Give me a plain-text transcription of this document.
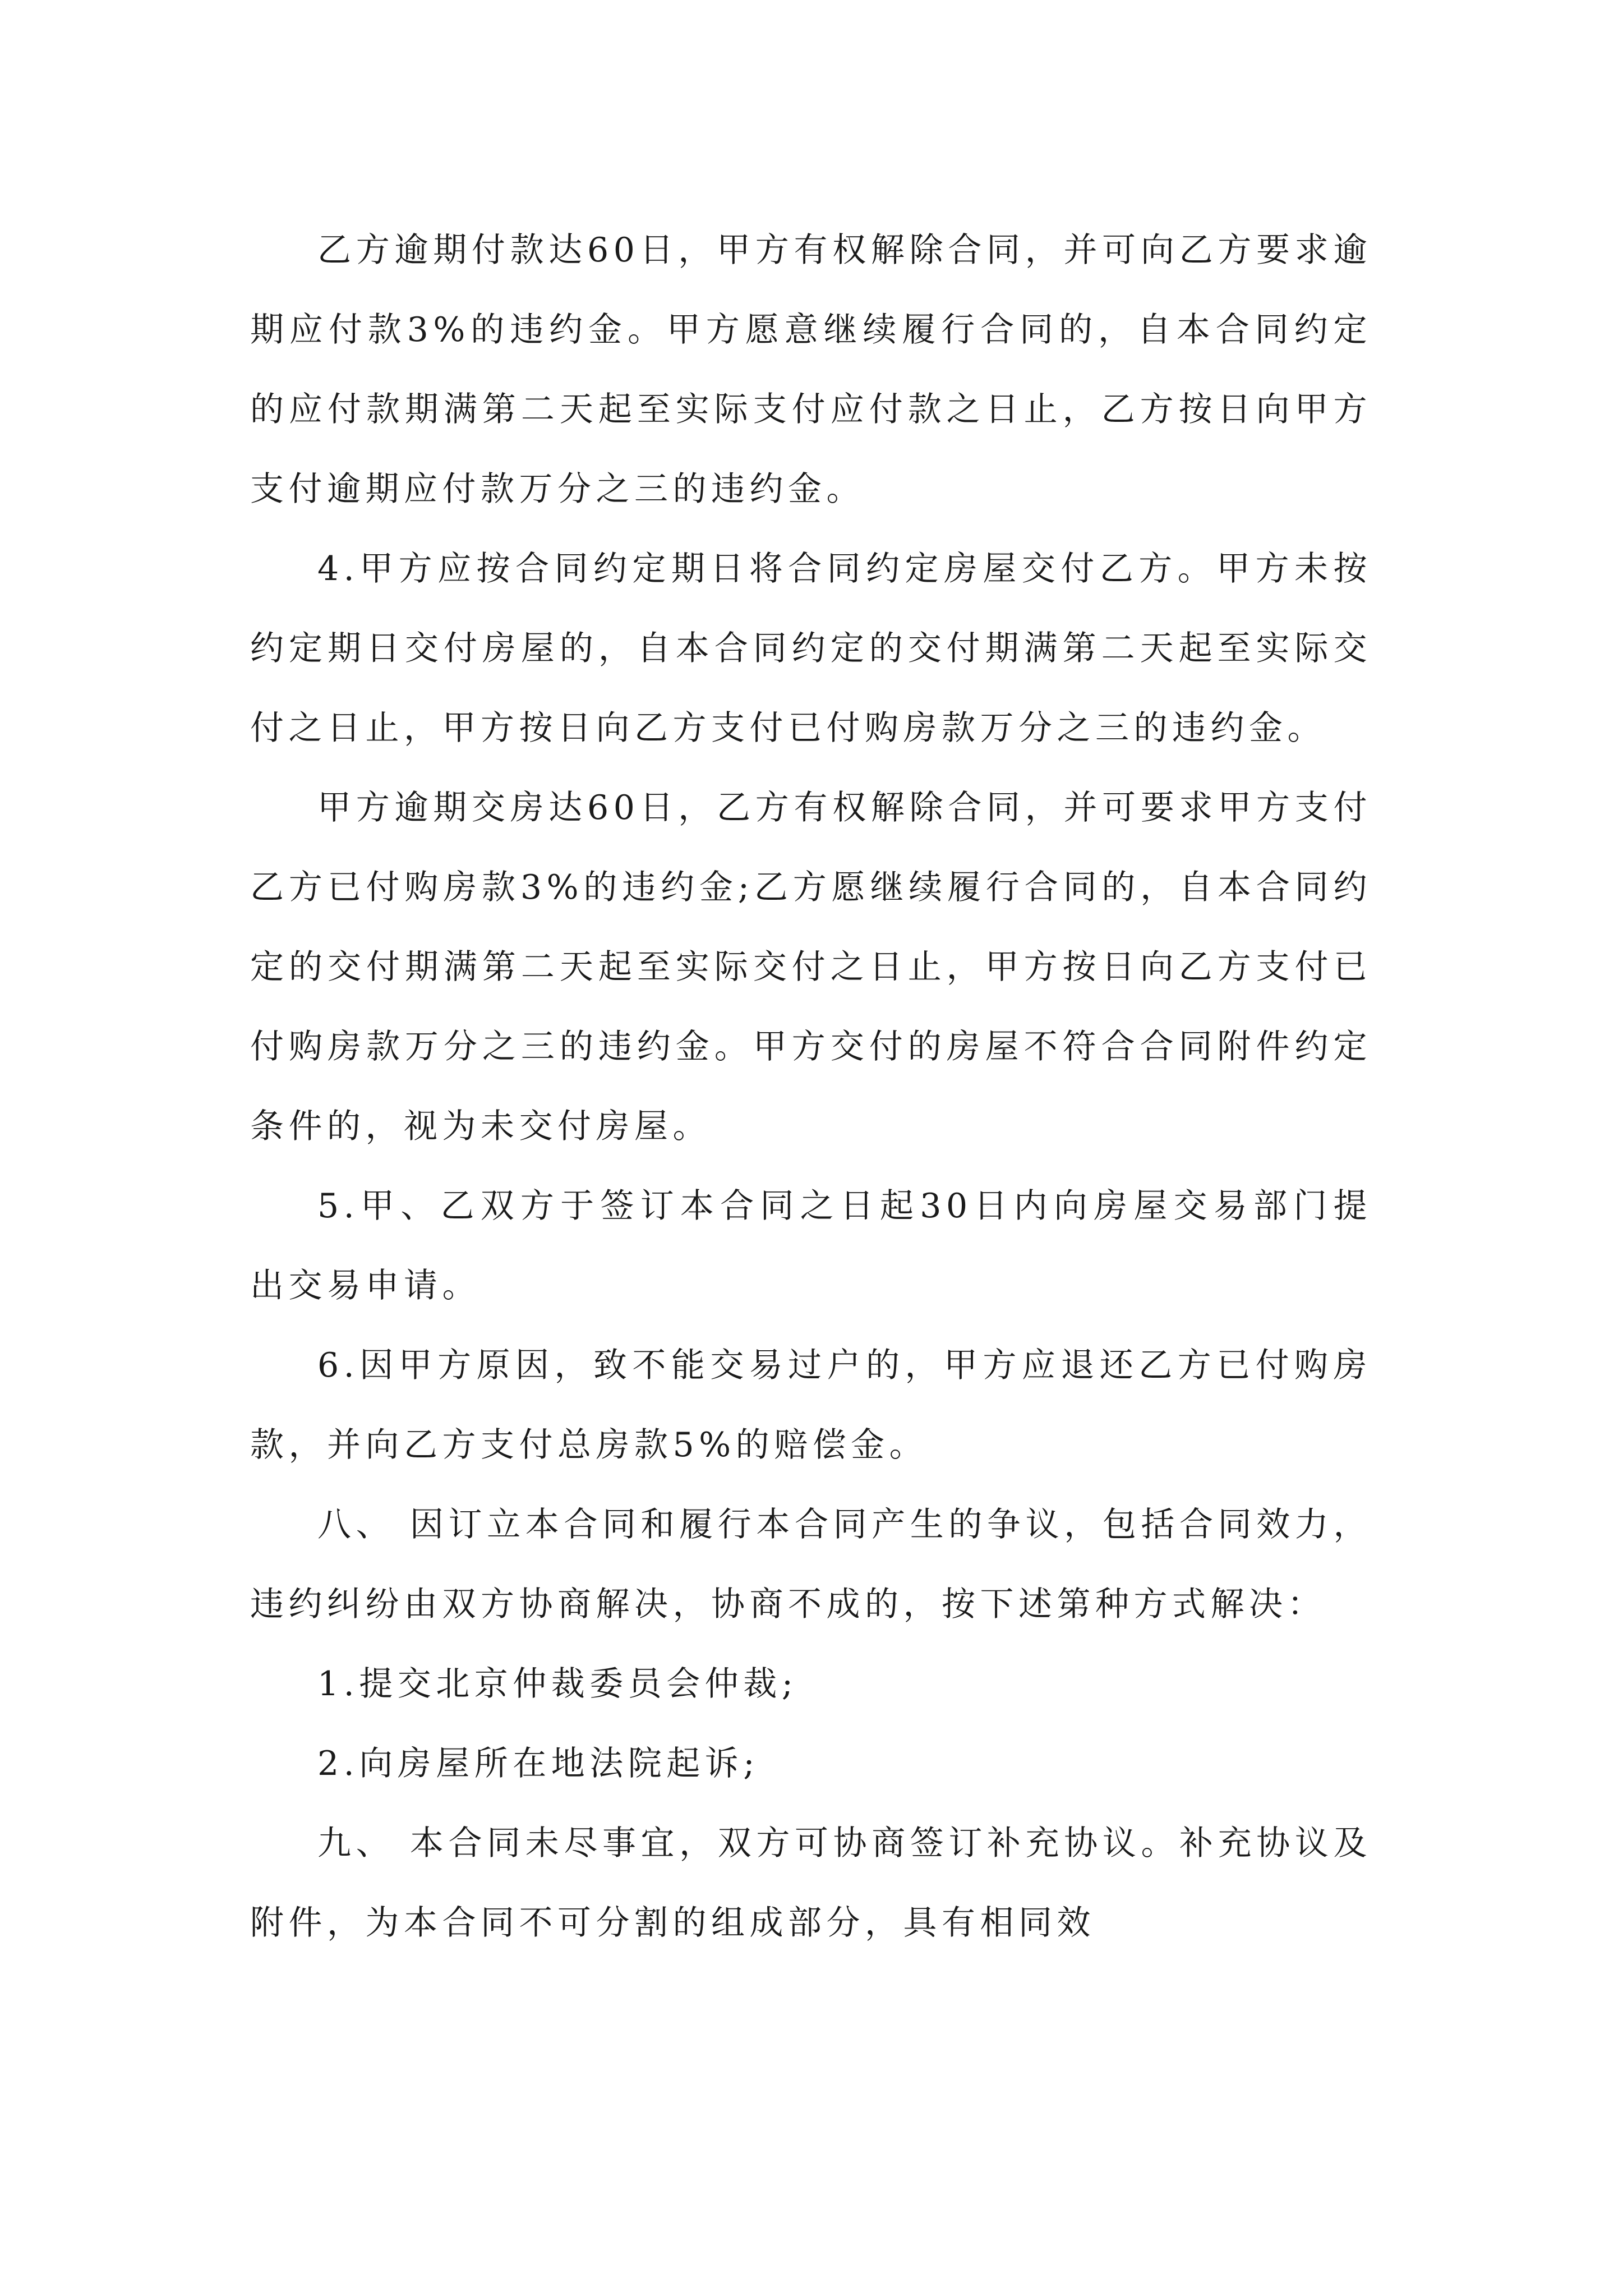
乙方逾期付款达60日，甲方有权解除合同，并可向乙方要求逾期应付款3%的违约金。甲方愿意继续履行合同的，自本合同约定的应付款期满第二天起至实际支付应付款之日止，乙方按日向甲方支付逾期应付款万分之三的违约金。

4.甲方应按合同约定期日将合同约定房屋交付乙方。甲方未按约定期日交付房屋的，自本合同约定的交付期满第二天起至实际交付之日止，甲方按日向乙方支付已付购房款万分之三的违约金。

甲方逾期交房达60日，乙方有权解除合同，并可要求甲方支付乙方已付购房款3%的违约金;乙方愿继续履行合同的，自本合同约定的交付期满第二天起至实际交付之日止，甲方按日向乙方支付已付购房款万分之三的违约金。甲方交付的房屋不符合合同附件约定条件的，视为未交付房屋。

5.甲、乙双方于签订本合同之日起30日内向房屋交易部门提出交易申请。

6.因甲方原因，致不能交易过户的，甲方应退还乙方已付购房款，并向乙方支付总房款5%的赔偿金。

八、 因订立本合同和履行本合同产生的争议，包括合同效力，违约纠纷由双方协商解决，协商不成的，按下述第种方式解决：

1.提交北京仲裁委员会仲裁;

2.向房屋所在地法院起诉;

九、 本合同未尽事宜，双方可协商签订补充协议。补充协议及附件，为本合同不可分割的组成部分，具有相同效
